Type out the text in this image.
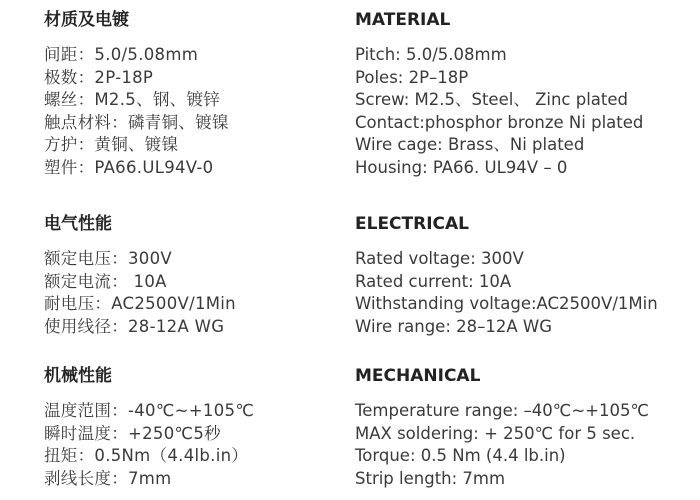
材质及电镀
间距：5.0/5.08mm
极数：2P-18P
螺丝：M2.5、钢、镀锌
触点材料：磷青铜、镀镍
方护：黄铜、镀镍
塑件：PA66.UL94V-0
电气性能
额定电压：300V
额定电流： 10A
耐电压：AC2500V/1Min
使用线径：28-12A WG
机械性能
温度范围：-40℃~+105℃
瞬时温度：+250℃5秒
扭矩：0.5Nm（4.4lb.in）
剥线长度：7mm
MATERIAL
Pitch: 5.0/5.08mm
Poles: 2P–18P
Screw: M2.5、Steel、 Zinc plated
Contact:phosphor bronze Ni plated
Wire cage: Brass、Ni plated
Housing: PA66. UL94V – 0
ELECTRICAL
Rated voltage: 300V
Rated current: 10A
Withstanding voltage:AC2500V/1Min
Wire range: 28–12A WG
MECHANICAL
Temperature range: –40℃~+105℃
MAX soldering: + 250℃ for 5 sec.
Torque: 0.5 Nm (4.4 lb.in)
Strip length: 7mm
